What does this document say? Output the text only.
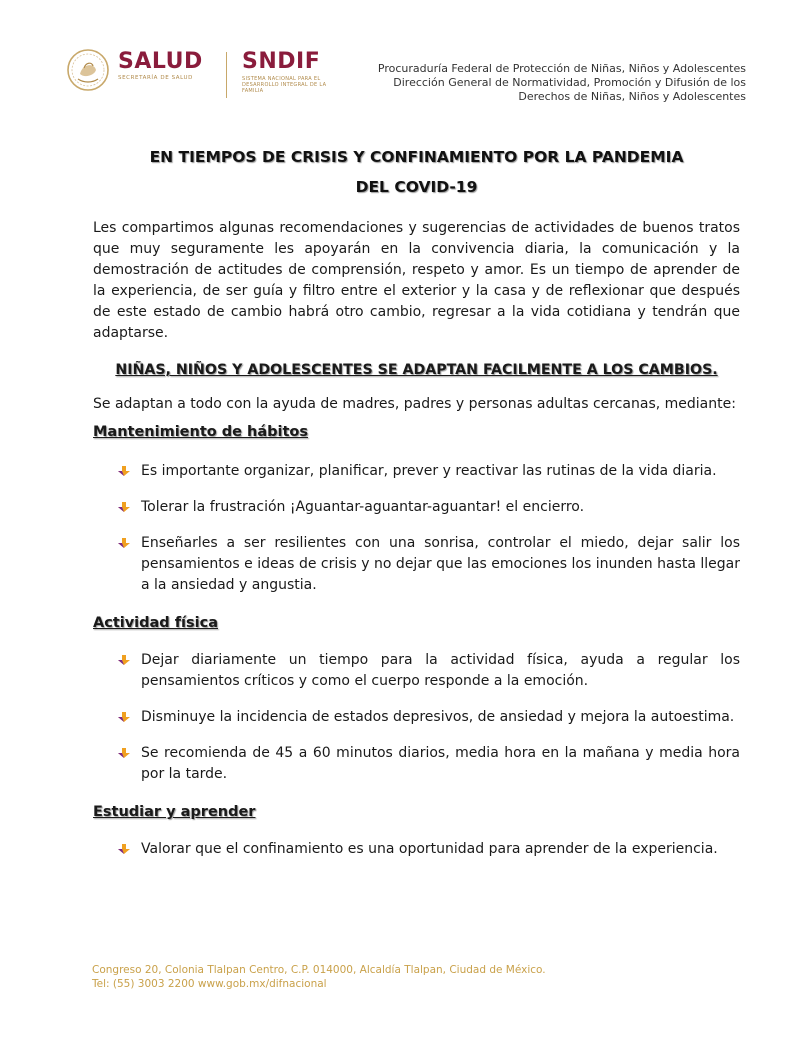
SALUD
SECRETARÍA DE SALUD
SNDIF
SISTEMA NACIONAL PARA EL DESARROLLO INTEGRAL DE LA FAMILIA
Procuraduría Federal de Protección de Niñas, Niños y Adolescentes
Dirección General de Normatividad, Promoción y Difusión de los
Derechos de Niñas, Niños y Adolescentes
EN TIEMPOS DE CRISIS Y CONFINAMIENTO POR LA PANDEMIA
DEL COVID-19

Les compartimos algunas recomendaciones y sugerencias de actividades de buenos tratos que muy seguramente les apoyarán en la convivencia diaria, la comunicación y la demostración de actitudes de comprensión, respeto y amor. Es un tiempo de aprender de la experiencia, de ser guía y filtro entre el exterior y la casa y de reflexionar que después de este estado de cambio habrá otro cambio, regresar a la vida cotidiana y tendrán que adaptarse.

NIÑAS, NIÑOS Y ADOLESCENTES SE ADAPTAN FACILMENTE A LOS CAMBIOS.

Se adaptan a todo con la ayuda de madres, padres y personas adultas cercanas, mediante:

Mantenimiento de hábitos
Es importante organizar, planificar, prever y reactivar las rutinas de la vida diaria.
Tolerar la frustración ¡Aguantar-aguantar-aguantar! el encierro.
Enseñarles a ser resilientes con una sonrisa, controlar el miedo, dejar salir los pensamientos e ideas de crisis y no dejar que las emociones los inunden hasta llegar a la ansiedad y angustia.
Actividad física
Dejar diariamente un tiempo para la actividad física, ayuda a regular los pensamientos críticos y como el cuerpo responde a la emoción.
Disminuye la incidencia de estados depresivos, de ansiedad y mejora la autoestima.
Se recomienda de 45 a 60 minutos diarios, media hora en la mañana y media hora por la tarde.
Estudiar y aprender
Valorar que el confinamiento es una oportunidad para aprender de la experiencia.
Congreso 20, Colonia Tlalpan Centro, C.P. 014000, Alcaldía Tlalpan, Ciudad de México.
Tel: (55) 3003 2200 www.gob.mx/difnacional
